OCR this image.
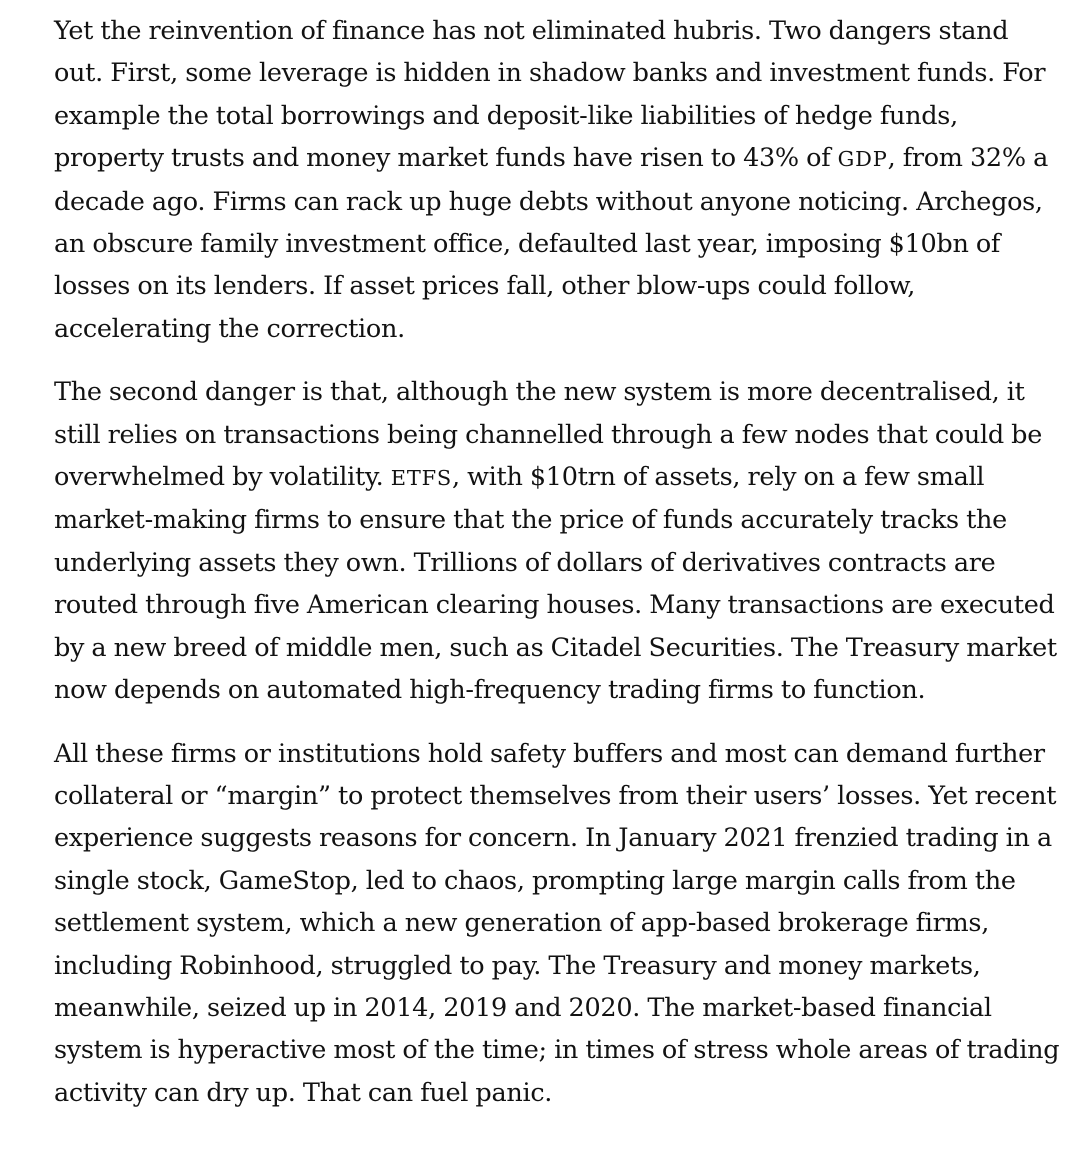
Yet the reinvention of finance has not eliminated hubris. Two dangers stand out. First, some leverage is hidden in shadow banks and investment funds. For example the total borrowings and deposit-like liabilities of hedge funds, property trusts and money market funds have risen to 43% of GDP, from 32% a decade ago. Firms can rack up huge debts without anyone noticing. Archegos, an obscure family investment office, defaulted last year, imposing $10bn of losses on its lenders. If asset prices fall, other blow-ups could follow, accelerating the correction.

The second danger is that, although the new system is more decentralised, it still relies on transactions being channelled through a few nodes that could be overwhelmed by volatility. ETFS, with $10trn of assets, rely on a few small market-making firms to ensure that the price of funds accurately tracks the underlying assets they own. Trillions of dollars of derivatives contracts are routed through five American clearing houses. Many transactions are executed by a new breed of middle men, such as Citadel Securities. The Treasury market now depends on automated high-frequency trading firms to function.

All these firms or institutions hold safety buffers and most can demand further collateral or “margin” to protect themselves from their users’ losses. Yet recent experience suggests reasons for concern. In January 2021 frenzied trading in a single stock, GameStop, led to chaos, prompting large margin calls from the settlement system, which a new generation of app-based brokerage firms, including Robinhood, struggled to pay. The Treasury and money markets, meanwhile, seized up in 2014, 2019 and 2020. The market-based financial system is hyperactive most of the time; in times of stress whole areas of trading activity can dry up. That can fuel panic.
